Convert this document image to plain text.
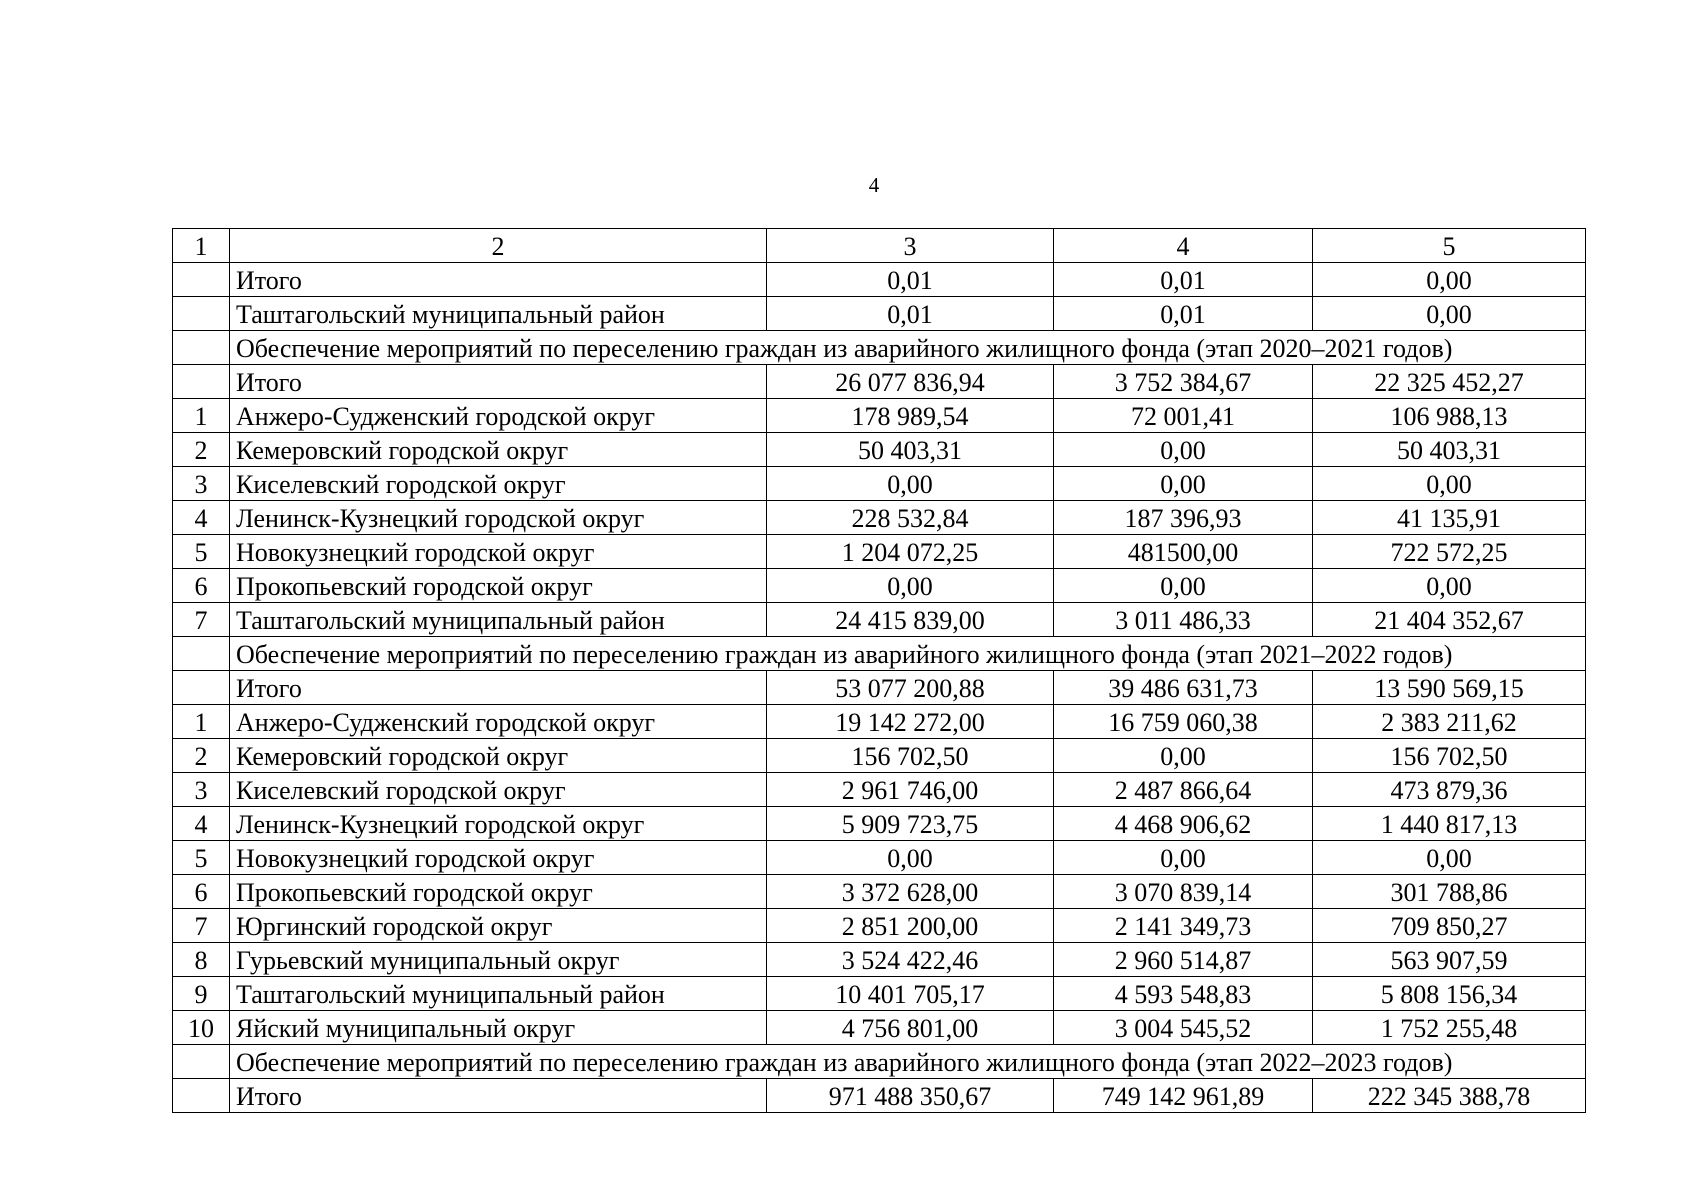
4
1	2	3	4	5
	Итого	0,01	0,01	0,00
	Таштагольский муниципальный район	0,01	0,01	0,00
	Обеспечение мероприятий по переселению граждан из аварийного жилищного фонда (этап 2020–2021 годов)			
	Итого	26 077 836,94	3 752 384,67	22 325 452,27
1	Анжеро-Судженский городской округ	178 989,54	72 001,41	106 988,13
2	Кемеровский городской округ	50 403,31	0,00	50 403,31
3	Киселевский городской округ	0,00	0,00	0,00
4	Ленинск-Кузнецкий городской округ	228 532,84	187 396,93	41 135,91
5	Новокузнецкий городской округ	1 204 072,25	481500,00	722 572,25
6	Прокопьевский городской округ	0,00	0,00	0,00
7	Таштагольский муниципальный район	24 415 839,00	3 011 486,33	21 404 352,67
	Обеспечение мероприятий по переселению граждан из аварийного жилищного фонда (этап 2021–2022 годов)			
	Итого	53 077 200,88	39 486 631,73	13 590 569,15
1	Анжеро-Судженский городской округ	19 142 272,00	16 759 060,38	2 383 211,62
2	Кемеровский городской округ	156 702,50	0,00	156 702,50
3	Киселевский городской округ	2 961 746,00	2 487 866,64	473 879,36
4	Ленинск-Кузнецкий городской округ	5 909 723,75	4 468 906,62	1 440 817,13
5	Новокузнецкий городской округ	0,00	0,00	0,00
6	Прокопьевский городской округ	3 372 628,00	3 070 839,14	301 788,86
7	Юргинский городской округ	2 851 200,00	2 141 349,73	709 850,27
8	Гурьевский муниципальный округ	3 524 422,46	2 960 514,87	563 907,59
9	Таштагольский муниципальный район	10 401 705,17	4 593 548,83	5 808 156,34
10	Яйский муниципальный округ	4 756 801,00	3 004 545,52	1 752 255,48
	Обеспечение мероприятий по переселению граждан из аварийного жилищного фонда (этап 2022–2023 годов)			
	Итого	971 488 350,67	749 142 961,89	222 345 388,78
